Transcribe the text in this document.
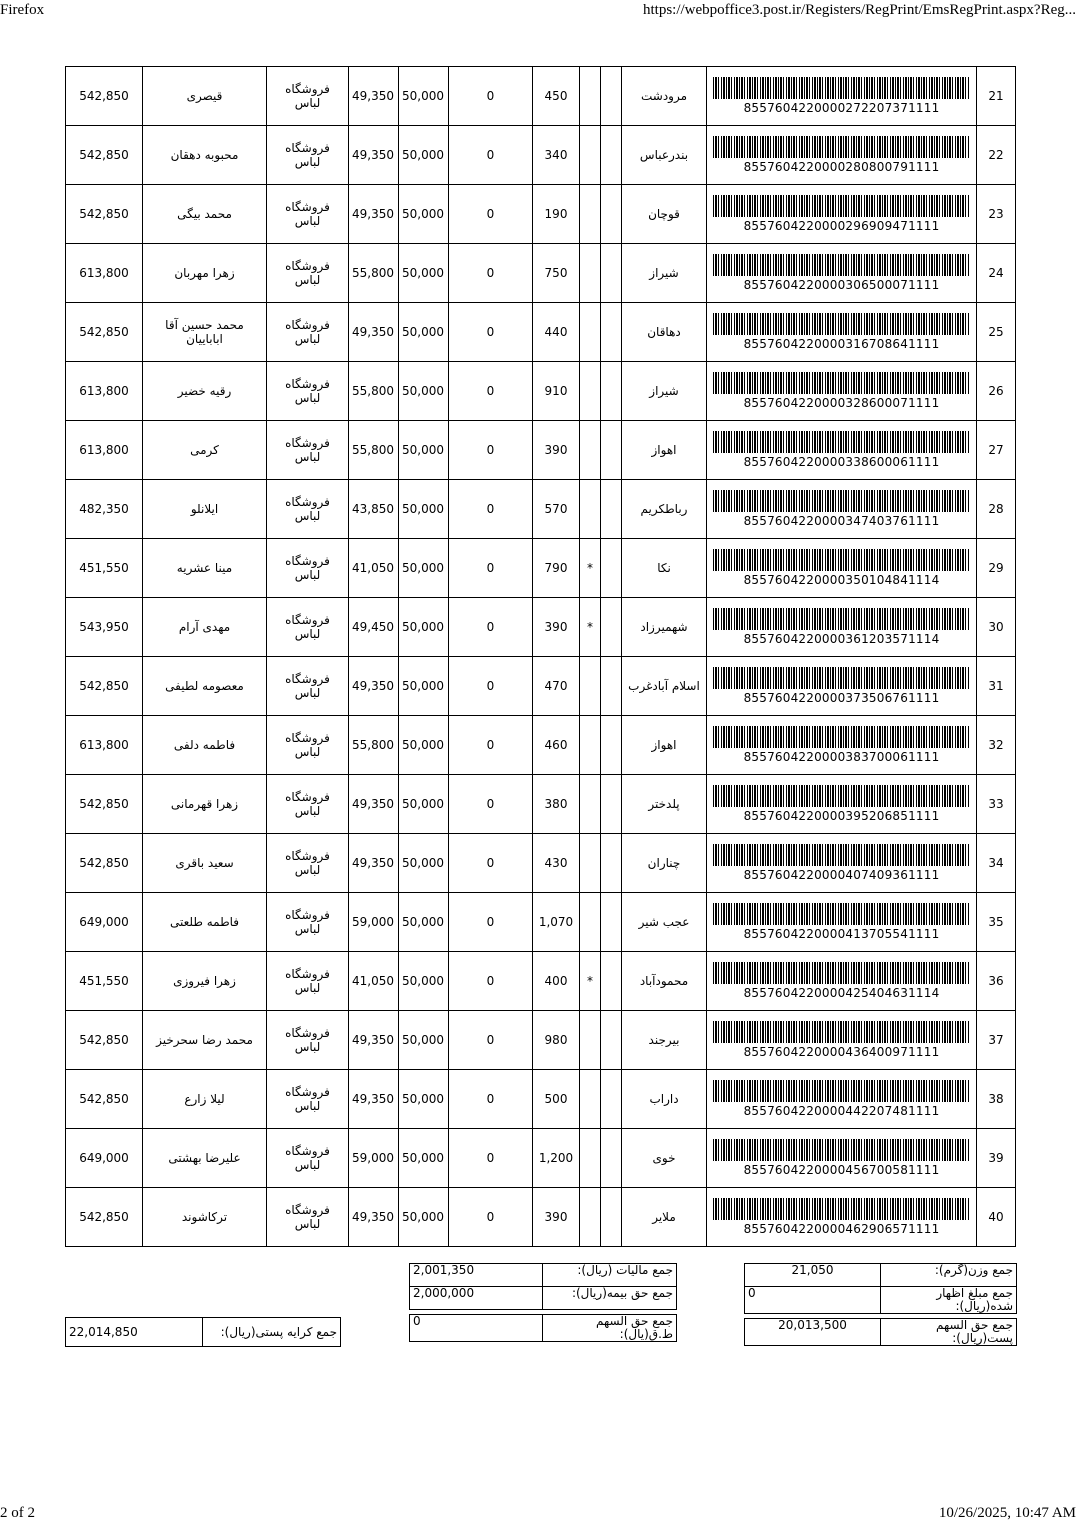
Firefox	https://webpoffice3.post.ir/Registers/RegPrint/EmsRegPrint.aspx?Reg...
21	8557604220000272207371111	مرودشت			450	0	50,000	49,350	فروشگاه لباس	قیصری	542,850
22	8557604220000280800791111	بندرعباس			340	0	50,000	49,350	فروشگاه لباس	محبوبه دهقان	542,850
23	8557604220000296909471111	قوچان			190	0	50,000	49,350	فروشگاه لباس	محمد بیگی	542,850
24	8557604220000306500071111	شیراز			750	0	50,000	55,800	فروشگاه لباس	زهرا مهربان	613,800
25	8557604220000316708641111	دهاقان			440	0	50,000	49,350	فروشگاه لباس	محمد حسین آقا اباباییان	542,850
26	8557604220000328600071111	شیراز			910	0	50,000	55,800	فروشگاه لباس	رقیه خضیر	613,800
27	8557604220000338600061111	اهواز			390	0	50,000	55,800	فروشگاه لباس	کرمی	613,800
28	8557604220000347403761111	رباطکریم			570	0	50,000	43,850	فروشگاه لباس	ایلانلو	482,350
29	8557604220000350104841114	نکا		*	790	0	50,000	41,050	فروشگاه لباس	مینا عشریه	451,550
30	8557604220000361203571114	شهمیرزاد		*	390	0	50,000	49,450	فروشگاه لباس	مهدی آرام	543,950
31	8557604220000373506761111	اسلام آبادغرب			470	0	50,000	49,350	فروشگاه لباس	معصومه لطیفی	542,850
32	8557604220000383700061111	اهواز			460	0	50,000	55,800	فروشگاه لباس	فاطمه دلفی	613,800
33	8557604220000395206851111	پلدختر			380	0	50,000	49,350	فروشگاه لباس	زهرا قهرمانی	542,850
34	8557604220000407409361111	چناران			430	0	50,000	49,350	فروشگاه لباس	سعید باقری	542,850
35	8557604220000413705541111	عجب شیر			1,070	0	50,000	59,000	فروشگاه لباس	فاطمه طلعتی	649,000
36	8557604220000425404631114	محمودآباد		*	400	0	50,000	41,050	فروشگاه لباس	زهرا فیروزی	451,550
37	8557604220000436400971111	بیرجند			980	0	50,000	49,350	فروشگاه لباس	محمد رضا سحرخیز	542,850
38	8557604220000442207481111	داراب			500	0	50,000	49,350	فروشگاه لباس	لیلا زارع	542,850
39	8557604220000456700581111	خوی			1,200	0	50,000	59,000	فروشگاه لباس	علیرضا بهشتی	649,000
40	8557604220000462906571111	ملایر			390	0	50,000	49,350	فروشگاه لباس	ترکاشوند	542,850
جمع وزن(گرم):	21,050
جمع مبلغ اظهار شده(ریال):	0

جمع حق السهم پست(ریال):	20,013,500
جمع مالیات (ریال):	2,001,350
جمع حق بیمه(ریال):	2,000,000

جمع حق السهم ط.ق(یال):	0
جمع کرایه پستی(ریال):	22,014,850
2 of 2	10/26/2025, 10:47 AM
